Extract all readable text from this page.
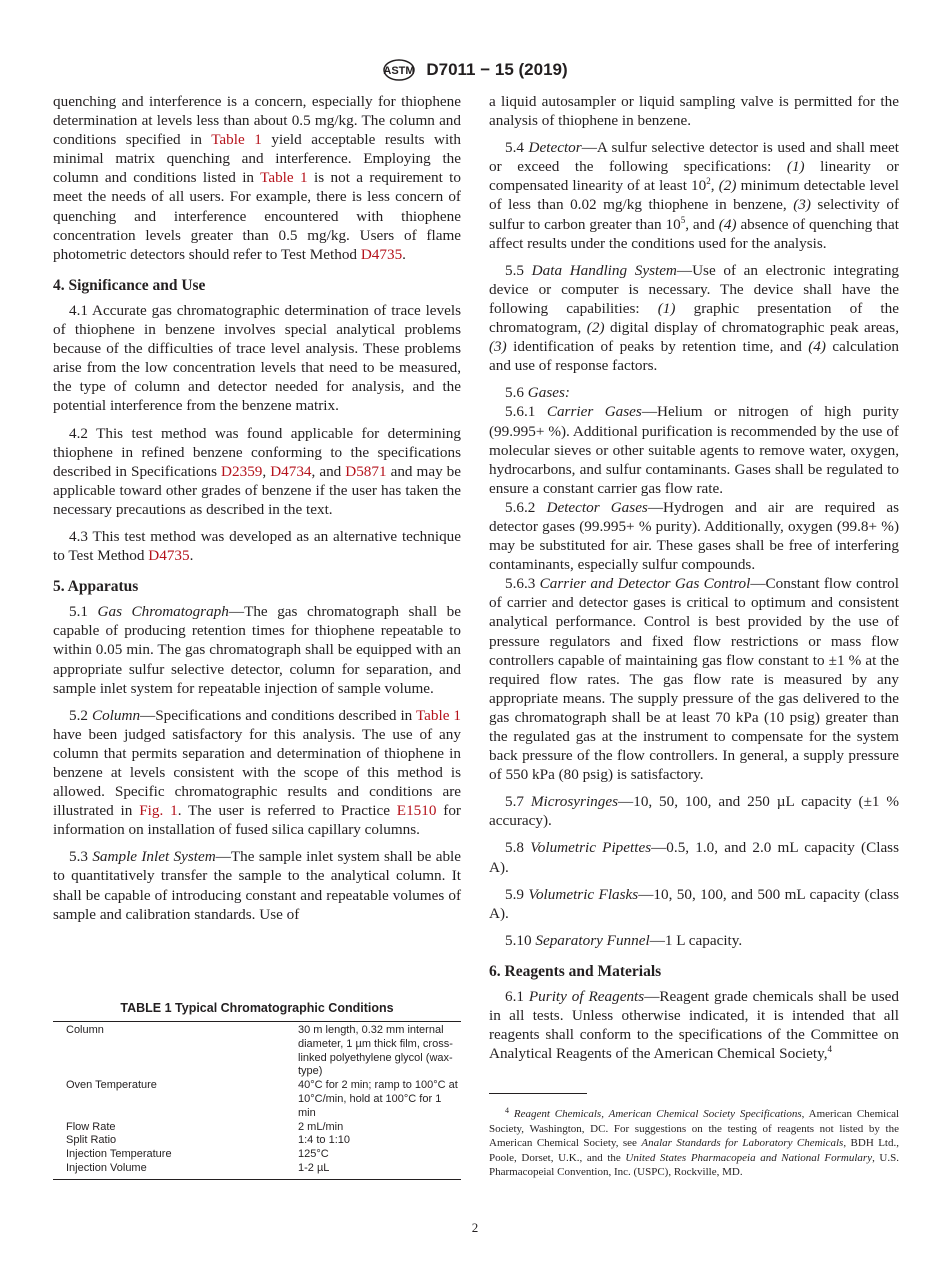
ASTM D7011 − 15 (2019)

quenching and interference is a concern, especially for thiophene determination at levels less than about 0.5 mg/kg. The column and conditions specified in Table 1 yield acceptable results with minimal matrix quenching and interference. Employing the column and conditions listed in Table 1 is not a requirement to meet the needs of all users. For example, there is less concern of quenching and interference encountered with thiophene concentration levels greater than 0.5 mg/kg. Users of flame photometric detectors should refer to Test Method D4735.

4. Significance and Use

4.1 Accurate gas chromatographic determination of trace levels of thiophene in benzene involves special analytical problems because of the difficulties of trace level analysis. These problems arise from the low concentration levels that need to be measured, the type of column and detector needed for analysis, and the potential interference from the benzene matrix.

4.2 This test method was found applicable for determining thiophene in refined benzene conforming to the specifications described in Specifications D2359, D4734, and D5871 and may be applicable toward other grades of benzene if the user has taken the necessary precautions as described in the text.

4.3 This test method was developed as an alternative technique to Test Method D4735.

5. Apparatus

5.1 Gas Chromatograph—The gas chromatograph shall be capable of producing retention times for thiophene repeatable to within 0.05 min. The gas chromatograph shall be equipped with an appropriate sulfur selective detector, column for separation, and sample inlet system for repeatable injection of sample volume.

5.2 Column—Specifications and conditions described in Table 1 have been judged satisfactory for this analysis. The use of any column that permits separation and determination of thiophene in benzene at levels consistent with the scope of this method is allowed. Specific chromatographic results and conditions are illustrated in Fig. 1. The user is referred to Practice E1510 for information on installation of fused silica capillary columns.

5.3 Sample Inlet System—The sample inlet system shall be able to quantitatively transfer the sample to the analytical column. It shall be capable of introducing constant and repeatable volumes of sample and calibration standards. Use of

TABLE 1 Typical Chromatographic Conditions
Column	30 m length, 0.32 mm internal diameter, 1 µm thick film, cross-linked polyethylene glycol (wax-type)
Oven Temperature	40°C for 2 min; ramp to 100°C at 10°C/min, hold at 100°C for 1 min
Flow Rate	2 mL/min
Split Ratio	1:4 to 1:10
Injection Temperature	125°C
Injection Volume	1-2 µL

a liquid autosampler or liquid sampling valve is permitted for the analysis of thiophene in benzene.

5.4 Detector—A sulfur selective detector is used and shall meet or exceed the following specifications: (1) linearity or compensated linearity of at least $10^2$, (2) minimum detectable level of less than 0.02 mg/kg thiophene in benzene, (3) selectivity of sulfur to carbon greater than $10^5$, and (4) absence of quenching that affect results under the conditions used for the analysis.

5.5 Data Handling System—Use of an electronic integrating device or computer is necessary. The device shall have the following capabilities: (1) graphic presentation of the chromatogram, (2) digital display of chromatographic peak areas, (3) identification of peaks by retention time, and (4) calculation and use of response factors.

5.6 Gases:

5.6.1 Carrier Gases—Helium or nitrogen of high purity (99.995+ %). Additional purification is recommended by the use of molecular sieves or other suitable agents to remove water, oxygen, hydrocarbons, and sulfur contaminants. Gases shall be regulated to ensure a constant carrier gas flow rate.

5.6.2 Detector Gases—Hydrogen and air are required as detector gases (99.995+ % purity). Additionally, oxygen (99.8+ %) may be substituted for air. These gases shall be free of interfering contaminants, especially sulfur compounds.

5.6.3 Carrier and Detector Gas Control—Constant flow control of carrier and detector gases is critical to optimum and consistent analytical performance. Control is best provided by the use of pressure regulators and fixed flow restrictions or mass flow controllers capable of maintaining gas flow constant to ±1 % at the required flow rates. The gas flow rate is measured by any appropriate means. The supply pressure of the gas delivered to the gas chromatograph shall be at least 70 kPa (10 psig) greater than the regulated gas at the instrument to compensate for the system back pressure of the flow controllers. In general, a supply pressure of 550 kPa (80 psig) is satisfactory.

5.7 Microsyringes—10, 50, 100, and 250 µL capacity (±1 % accuracy).

5.8 Volumetric Pipettes—0.5, 1.0, and 2.0 mL capacity (Class A).

5.9 Volumetric Flasks—10, 50, 100, and 500 mL capacity (class A).

5.10 Separatory Funnel—1 L capacity.

6. Reagents and Materials

6.1 Purity of Reagents—Reagent grade chemicals shall be used in all tests. Unless otherwise indicated, it is intended that all reagents shall conform to the specifications of the Committee on Analytical Reagents of the American Chemical Society,$^4$

$^4$ Reagent Chemicals, American Chemical Society Specifications, American Chemical Society, Washington, DC. For suggestions on the testing of reagents not listed by the American Chemical Society, see Analar Standards for Laboratory Chemicals, BDH Ltd., Poole, Dorset, U.K., and the United States Pharmacopeia and National Formulary, U.S. Pharmacopeial Convention, Inc. (USPC), Rockville, MD.
2
